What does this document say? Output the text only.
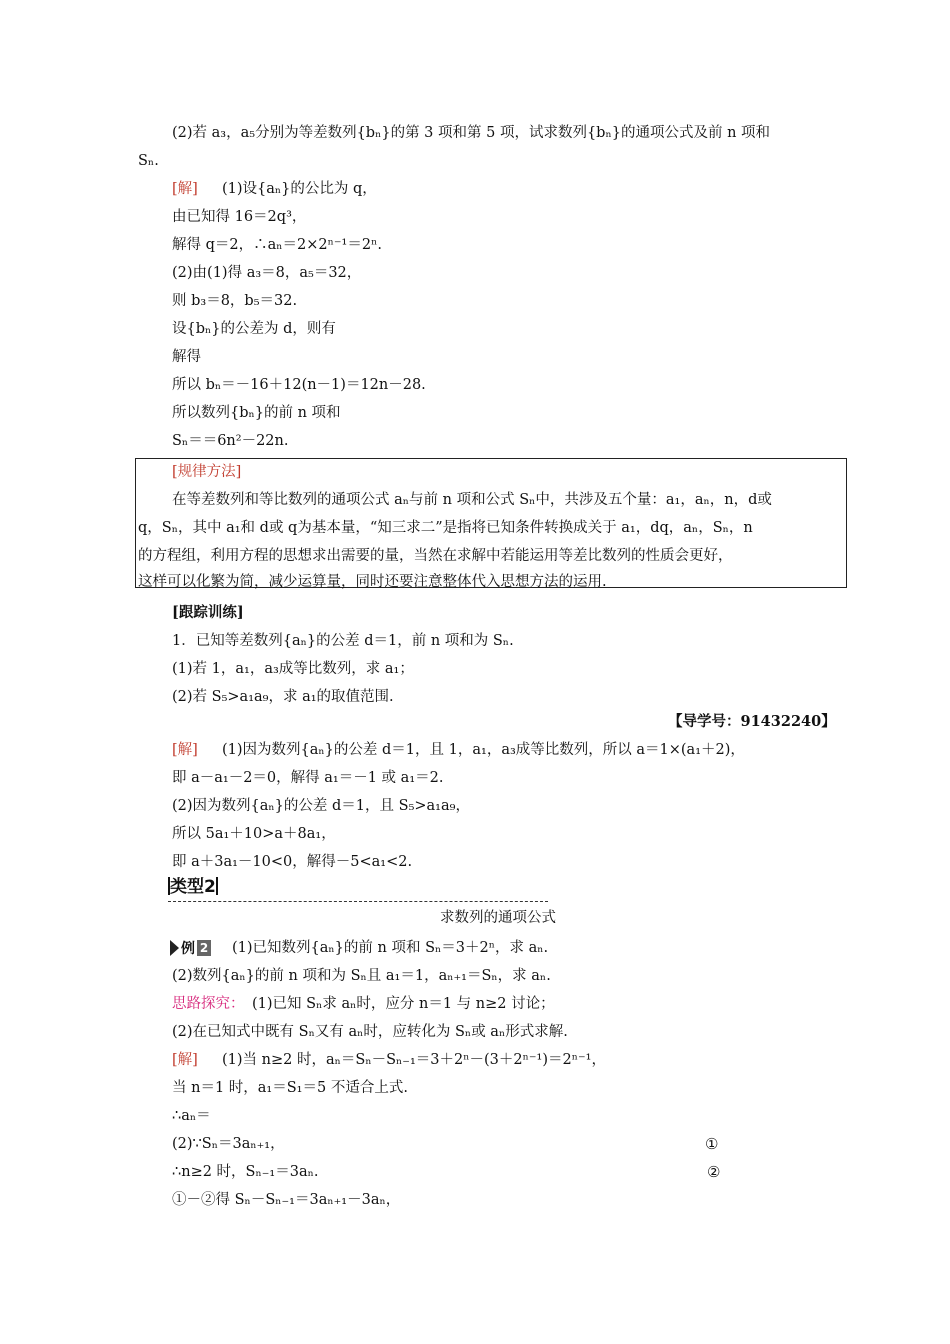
(2)若 a₃，a₅分别为等差数列{bₙ}的第 3 项和第 5 项，试求数列{bₙ}的通项公式及前 n 项和
Sₙ.
[解] (1)设{aₙ}的公比为 q，
由已知得 16＝2q³，
解得 q＝2，∴aₙ＝2×2ⁿ⁻¹＝2ⁿ.
(2)由(1)得 a₃＝8，a₅＝32，
则 b₃＝8，b₅＝32.
设{bₙ}的公差为 d，则有
解得
所以 bₙ＝－16＋12(n－1)＝12n－28.
所以数列{bₙ}的前 n 项和
Sₙ＝＝6n²－22n.
[规律方法]
在等差数列和等比数列的通项公式 aₙ与前 n 项和公式 Sₙ中，共涉及五个量：a₁，aₙ，n，d或
q，Sₙ，其中 a₁和 d或 q为基本量，“知三求二”是指将已知条件转换成关于 a₁，dq，aₙ，Sₙ，n
的方程组，利用方程的思想求出需要的量，当然在求解中若能运用等差比数列的性质会更好，
这样可以化繁为简，减少运算量，同时还要注意整体代入思想方法的运用.
[跟踪训练]
1．已知等差数列{aₙ}的公差 d＝1，前 n 项和为 Sₙ.
(1)若 1，a₁，a₃成等比数列，求 a₁；
(2)若 S₅>a₁a₉，求 a₁的取值范围.
【导学号：91432240】
[解] (1)因为数列{aₙ}的公差 d＝1，且 1，a₁，a₃成等比数列，所以 a＝1×(a₁＋2)，
即 a－a₁－2＝0，解得 a₁＝－1 或 a₁＝2.
(2)因为数列{aₙ}的公差 d＝1，且 S₅>a₁a₉，
所以 5a₁＋10>a＋8a₁，
即 a＋3a₁－10<0，解得－5<a₁<2.
类型2
求数列的通项公式
例 2 (1)已知数列{aₙ}的前 n 项和 Sₙ＝3＋2ⁿ，求 aₙ.
(2)数列{aₙ}的前 n 项和为 Sₙ且 a₁＝1，aₙ₊₁＝Sₙ，求 aₙ.
思路探究： (1)已知 Sₙ求 aₙ时，应分 n＝1 与 n≥2 讨论；
(2)在已知式中既有 Sₙ又有 aₙ时，应转化为 Sₙ或 aₙ形式求解.
[解] (1)当 n≥2 时，aₙ＝Sₙ－Sₙ₋₁＝3＋2ⁿ－(3＋2ⁿ⁻¹)＝2ⁿ⁻¹，
当 n＝1 时，a₁＝S₁＝5 不适合上式.
∴aₙ＝
(2)∵Sₙ＝3aₙ₊₁，	①
∴n≥2 时，Sₙ₋₁＝3aₙ.	②
①－②得 Sₙ－Sₙ₋₁＝3aₙ₊₁－3aₙ，
